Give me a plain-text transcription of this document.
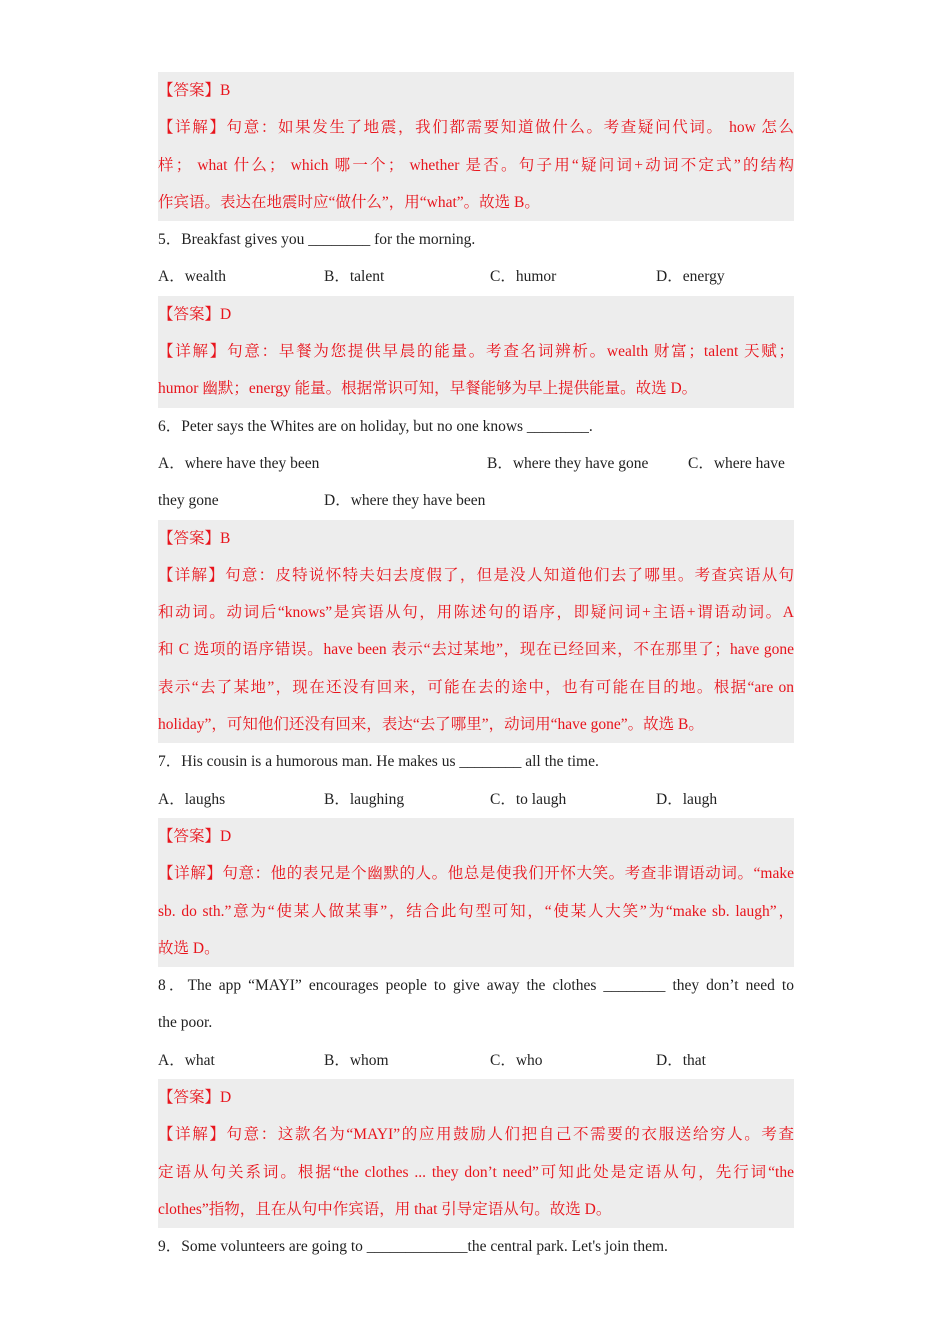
【答案】B
【详解】句意：如果发生了地震，我们都需要知道做什么。考查疑问代词。 how 怎么
样； what 什么； which 哪一个； whether 是否。句子用“疑问词+动词不定式”的结构
作宾语。表达在地震时应“做什么”，用“what”。故选 B。
5．Breakfast gives you ________ for the morning.
A．wealth	B．talent	C．humor	D．energy
【答案】D
【详解】句意：早餐为您提供早晨的能量。考查名词辨析。wealth 财富；talent 天赋；
humor 幽默；energy 能量。根据常识可知，早餐能够为早上提供能量。故选 D。
6．Peter says the Whites are on holiday, but no one knows ________.
A．where have they been	B．where they have gone	C．where have
they gone	D．where they have been
【答案】B
【详解】句意：皮特说怀特夫妇去度假了，但是没人知道他们去了哪里。考查宾语从句
和动词。动词后“knows”是宾语从句，用陈述句的语序，即疑问词+主语+谓语动词。A
和 C 选项的语序错误。have been 表示“去过某地”，现在已经回来，不在那里了；have gone
表示“去了某地”，现在还没有回来，可能在去的途中，也有可能在目的地。根据“are on
holiday”，可知他们还没有回来，表达“去了哪里”，动词用“have gone”。故选 B。
7．His cousin is a humorous man. He makes us ________ all the time.
A．laughs	B．laughing	C．to laugh	D．laugh
【答案】D
【详解】句意：他的表兄是个幽默的人。他总是使我们开怀大笑。考查非谓语动词。“make
sb. do sth.”意为“使某人做某事”，结合此句型可知，“使某人大笑”为“make sb. laugh”，
故选 D。
8．The app “MAYI” encourages people to give away the clothes ________ they don’t need to
the poor.
A．what	B．whom	C．who	D．that
【答案】D
【详解】句意：这款名为“MAYI”的应用鼓励人们把自己不需要的衣服送给穷人。考查
定语从句关系词。根据“the clothes ... they don’t need”可知此处是定语从句，先行词“the
clothes”指物，且在从句中作宾语，用 that 引导定语从句。故选 D。
9．Some volunteers are going to _____________the central park. Let's join them.
